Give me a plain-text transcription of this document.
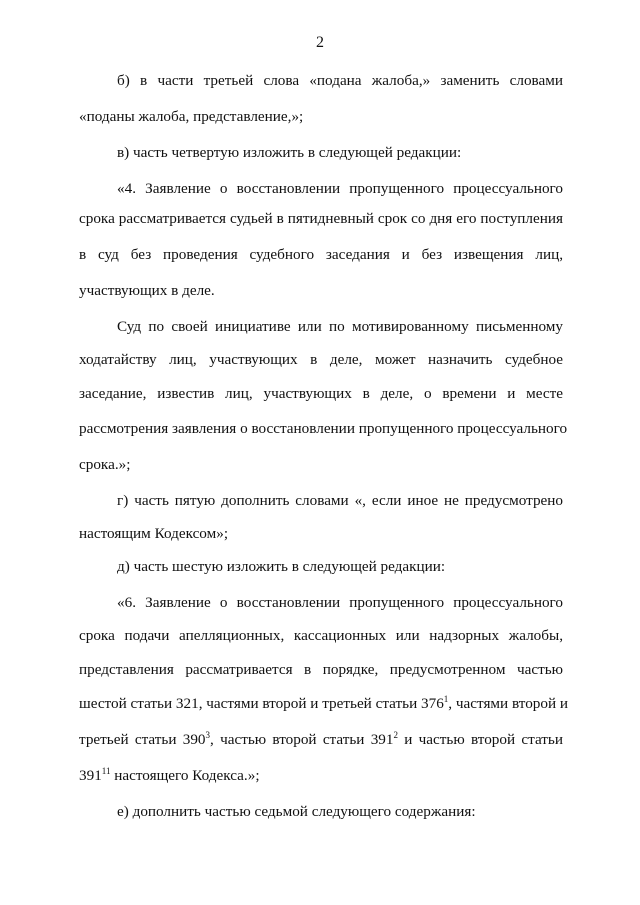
2
б) в части третьей слова «подана жалоба,» заменить словами
«поданы жалоба, представление,»;
в) часть четвертую изложить в следующей редакции:
«4. Заявление о восстановлении пропущенного процессуального
срока рассматривается судьей в пятидневный срок со дня его поступления
в суд без проведения судебного заседания и без извещения лиц,
участвующих в деле.
Суд по своей инициативе или по мотивированному письменному
ходатайству лиц, участвующих в деле, может назначить судебное
заседание, известив лиц, участвующих в деле, о времени и месте
рассмотрения заявления о восстановлении пропущенного процессуального
срока.»;
г) часть пятую дополнить словами «, если иное не предусмотрено
настоящим Кодексом»;
д) часть шестую изложить в следующей редакции:
«6. Заявление о восстановлении пропущенного процессуального
срока подачи апелляционных, кассационных или надзорных жалобы,
представления рассматривается в порядке, предусмотренном частью
шестой статьи 321, частями второй и третьей статьи $376^1$, частями второй и
третьей статьи $390^3$, частью второй статьи $391^2$ и частью второй статьи
$391^{11}$ настоящего Кодекса.»;
е) дополнить частью седьмой следующего содержания:
